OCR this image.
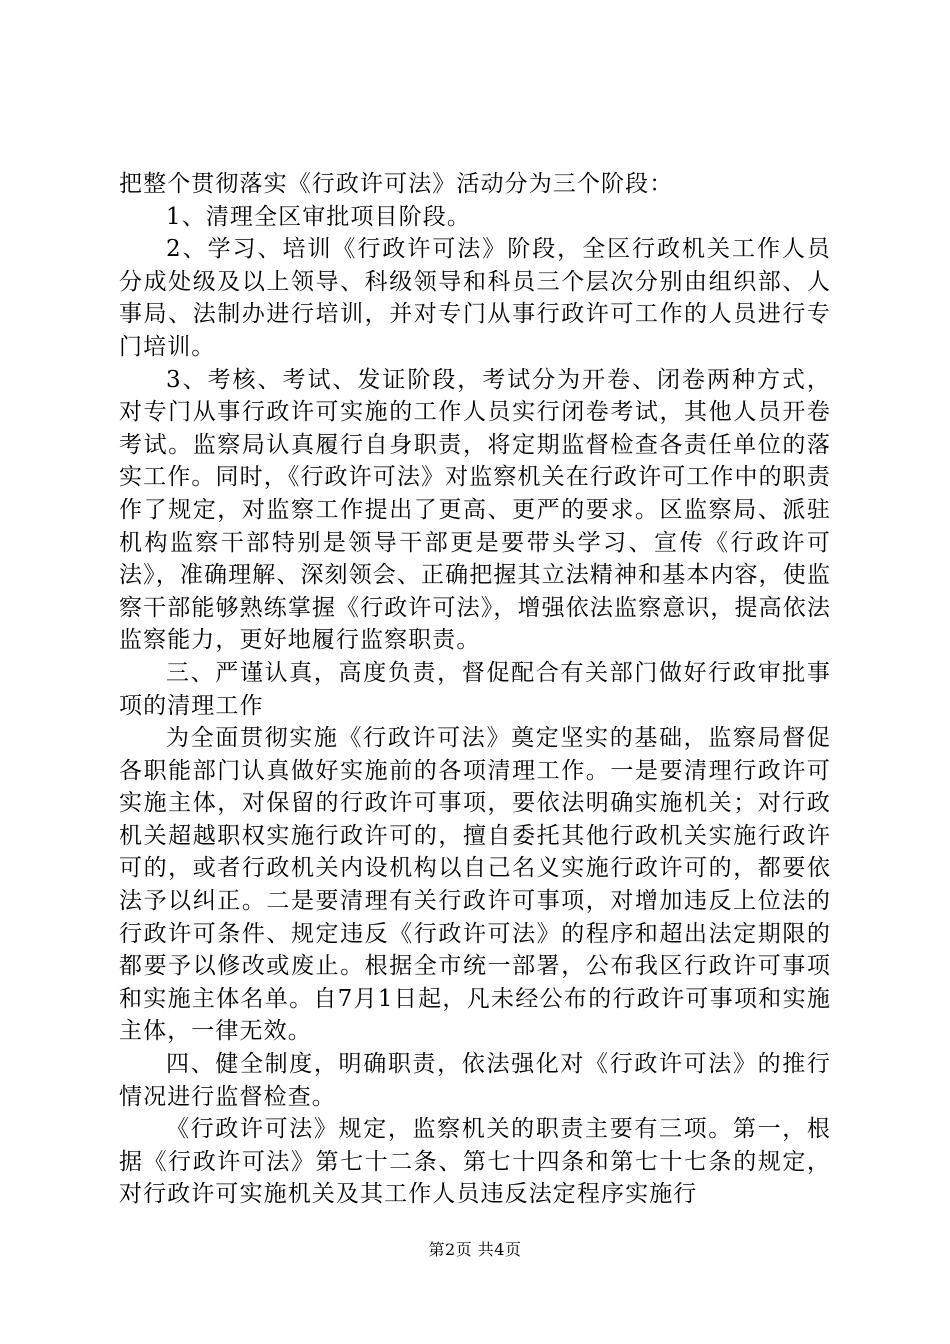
把整个贯彻落实《行政许可法》活动分为三个阶段：

1、清理全区审批项目阶段。

2、学习、培训《行政许可法》阶段，全区行政机关工作人员分成处级及以上领导、科级领导和科员三个层次分别由组织部、人事局、法制办进行培训，并对专门从事行政许可工作的人员进行专门培训。

3、考核、考试、发证阶段，考试分为开卷、闭卷两种方式，对专门从事行政许可实施的工作人员实行闭卷考试，其他人员开卷考试。监察局认真履行自身职责，将定期监督检查各责任单位的落实工作。同时，《行政许可法》对监察机关在行政许可工作中的职责作了规定，对监察工作提出了更高、更严的要求。区监察局、派驻机构监察干部特别是领导干部更是要带头学习、宣传《行政许可法》，准确理解、深刻领会、正确把握其立法精神和基本内容，使监察干部能够熟练掌握《行政许可法》，增强依法监察意识，提高依法监察能力，更好地履行监察职责。

三、严谨认真，高度负责，督促配合有关部门做好行政审批事项的清理工作

为全面贯彻实施《行政许可法》奠定坚实的基础，监察局督促各职能部门认真做好实施前的各项清理工作。一是要清理行政许可实施主体，对保留的行政许可事项，要依法明确实施机关；对行政机关超越职权实施行政许可的，擅自委托其他行政机关实施行政许可的，或者行政机关内设机构以自己名义实施行政许可的，都要依法予以纠正。二是要清理有关行政许可事项，对增加违反上位法的行政许可条件、规定违反《行政许可法》的程序和超出法定期限的都要予以修改或废止。根据全市统一部署，公布我区行政许可事项和实施主体名单。自7月1日起，凡未经公布的行政许可事项和实施主体，一律无效。

四、健全制度，明确职责，依法强化对《行政许可法》的推行情况进行监督检查。

《行政许可法》规定，监察机关的职责主要有三项。第一，根据《行政许可法》第七十二条、第七十四条和第七十七条的规定，对行政许可实施机关及其工作人员违反法定程序实施行

第2页 共4页
